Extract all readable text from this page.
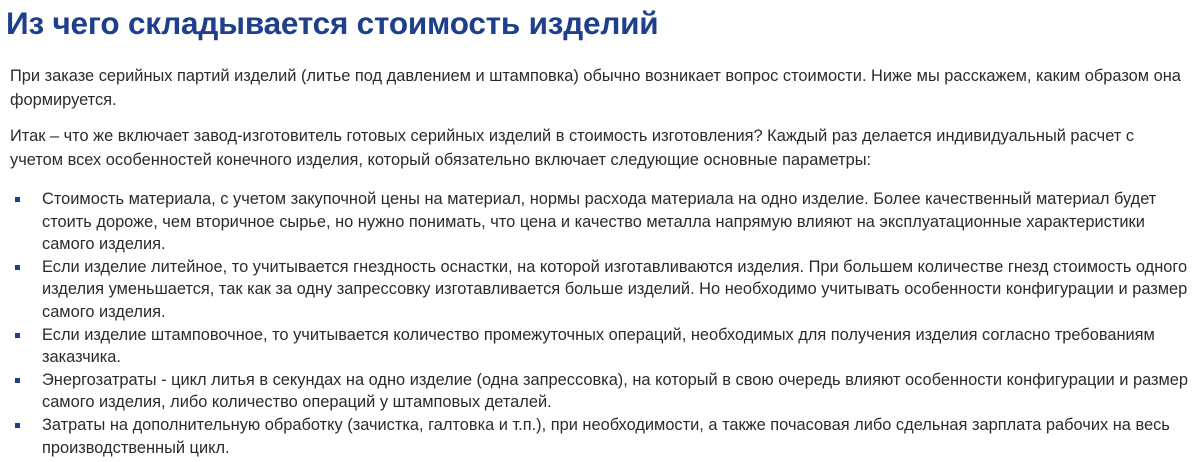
Из чего складывается стоимость изделий

При заказе серийных партий изделий (литье под давлением и штамповка) обычно возникает вопрос стоимости. Ниже мы расскажем, каким образом она формируется.

Итак – что же включает завод-изготовитель готовых серийных изделий в стоимость изготовления? Каждый раз делается индивидуальный расчет с учетом всех особенностей конечного изделия, который обязательно включает следующие основные параметры:

Стоимость материала, с учетом закупочной цены на материал, нормы расхода материала на одно изделие. Более качественный материал будет стоить дороже, чем вторичное сырье, но нужно понимать, что цена и качество металла напрямую влияют на эксплуатационные характеристики самого изделия.
Если изделие литейное, то учитывается гнездность оснастки, на которой изготавливаются изделия. При большем количестве гнезд стоимость одного изделия уменьшается, так как за одну запрессовку изготавливается больше изделий. Но необходимо учитывать особенности конфигурации и размер самого изделия.
Если изделие штамповочное, то учитывается количество промежуточных операций, необходимых для получения изделия согласно требованиям заказчика.
Энергозатраты - цикл литья в секундах на одно изделие (одна запрессовка), на который в свою очередь влияют особенности конфигурации и размер самого изделия, либо количество операций у штамповых деталей.
Затраты на дополнительную обработку (зачистка, галтовка и т.п.), при необходимости, а также почасовая либо сдельная зарплата рабочих на весь производственный цикл.
